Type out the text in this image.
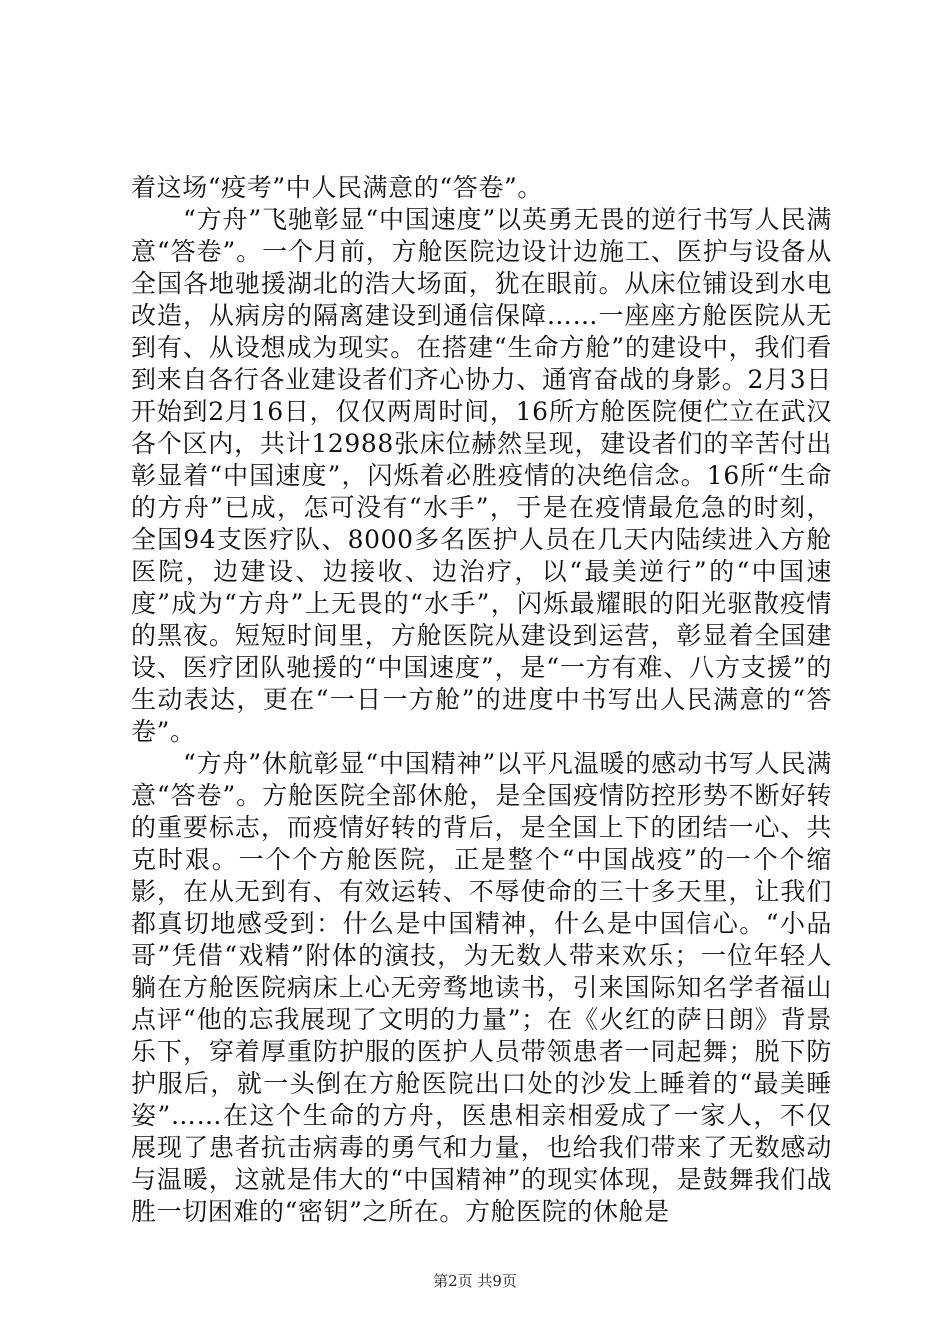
着这场“疫考”中人民满意的“答卷”。

“方舟”飞驰彰显“中国速度”以英勇无畏的逆行书写人民满意“答卷”。一个月前，方舱医院边设计边施工、医护与设备从全国各地驰援湖北的浩大场面，犹在眼前。从床位铺设到水电改造，从病房的隔离建设到通信保障……一座座方舱医院从无到有、从设想成为现实。在搭建“生命方舱”的建设中，我们看到来自各行各业建设者们齐心协力、通宵奋战的身影。2月3日开始到2月16日，仅仅两周时间，16所方舱医院便伫立在武汉各个区内，共计12988张床位赫然呈现，建设者们的辛苦付出彰显着“中国速度”，闪烁着必胜疫情的决绝信念。16所“生命的方舟”已成，怎可没有“水手”，于是在疫情最危急的时刻，全国94支医疗队、8000多名医护人员在几天内陆续进入方舱医院，边建设、边接收、边治疗，以“最美逆行”的“中国速度”成为“方舟”上无畏的“水手”，闪烁最耀眼的阳光驱散疫情的黑夜。短短时间里，方舱医院从建设到运营，彰显着全国建设、医疗团队驰援的“中国速度”，是“一方有难、八方支援”的生动表达，更在“一日一方舱”的进度中书写出人民满意的“答卷”。

“方舟”休航彰显“中国精神”以平凡温暖的感动书写人民满意“答卷”。方舱医院全部休舱，是全国疫情防控形势不断好转的重要标志，而疫情好转的背后，是全国上下的团结一心、共克时艰。一个个方舱医院，正是整个“中国战疫”的一个个缩影，在从无到有、有效运转、不辱使命的三十多天里，让我们都真切地感受到：什么是中国精神，什么是中国信心。“小品哥”凭借“戏精”附体的演技，为无数人带来欢乐；一位年轻人躺在方舱医院病床上心无旁骛地读书，引来国际知名学者福山点评“他的忘我展现了文明的力量”；在《火红的萨日朗》背景乐下，穿着厚重防护服的医护人员带领患者一同起舞；脱下防护服后，就一头倒在方舱医院出口处的沙发上睡着的“最美睡姿”……在这个生命的方舟，医患相亲相爱成了一家人，不仅展现了患者抗击病毒的勇气和力量，也给我们带来了无数感动与温暖，这就是伟大的“中国精神”的现实体现，是鼓舞我们战胜一切困难的“密钥”之所在。方舱医院的休舱是

第2页 共9页
